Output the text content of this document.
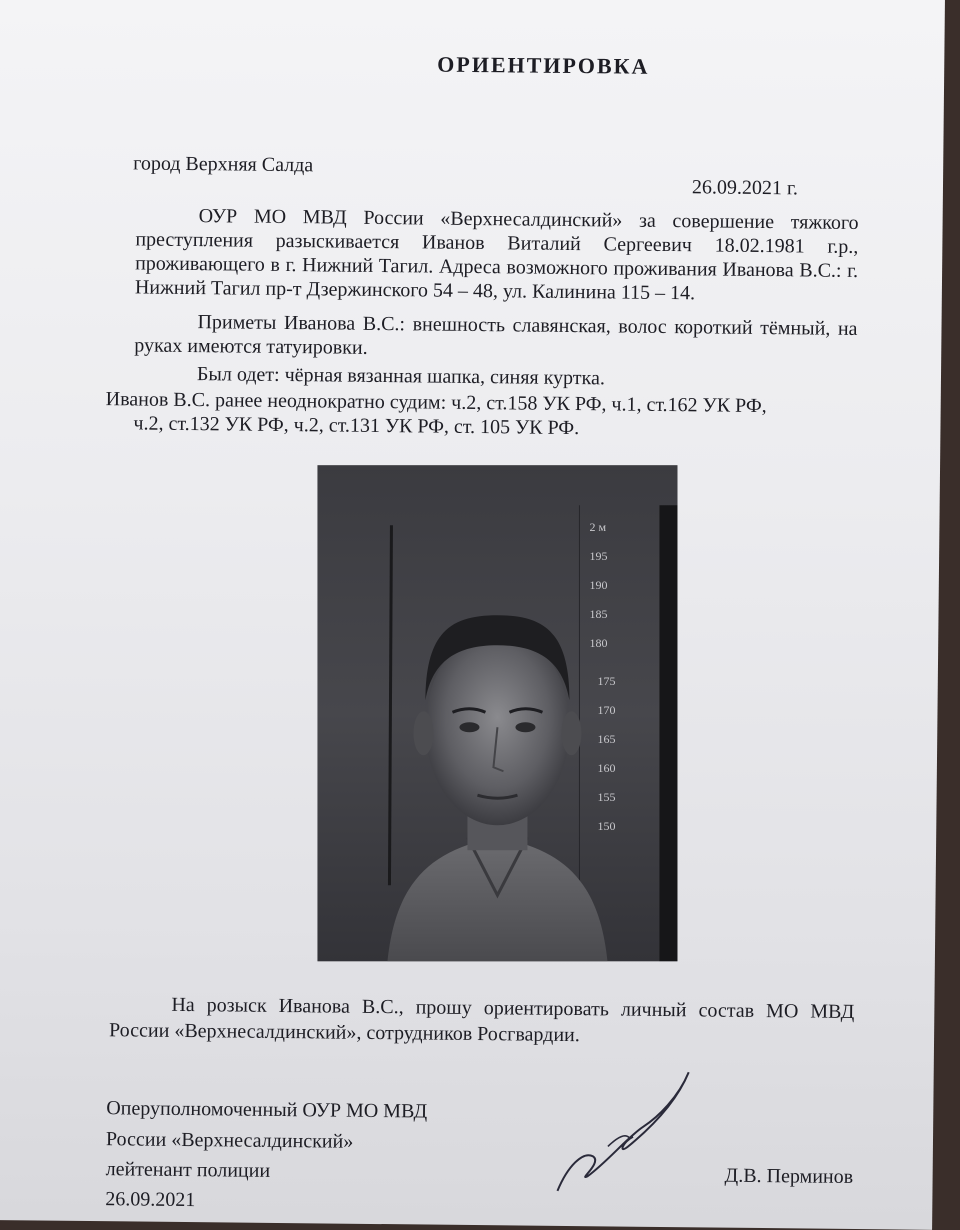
ОРИЕНТИРОВКА
город Верхняя Салда
26.09.2021 г.
ОУР МО МВД России «Верхнесалдинский» за совершение тяжкого преступления разыскивается Иванов Виталий Сергеевич 18.02.1981 г.р., проживающего в г. Нижний Тагил. Адреса возможного проживания Иванова В.С.: г. Нижний Тагил пр-т Дзержинского 54 – 48, ул. Калинина 115 – 14.
Приметы Иванова В.С.: внешность славянская, волос короткий тёмный, на руках имеются татуировки.
Был одет: чёрная вязанная шапка, синяя куртка.
Иванов В.С. ранее неоднократно судим: ч.2, ст.158 УК РФ, ч.1, ст.162 УК РФ,
ч.2, ст.132 УК РФ, ч.2, ст.131 УК РФ, ст. 105 УК РФ.
2 м
195
190
185
180
175
170
165
160
155
150
На розыск Иванова В.С., прошу ориентировать личный состав МО МВД России «Верхнесалдинский», сотрудников Росгвардии.
Оперуполномоченный ОУР МО МВД
России «Верхнесалдинский»
лейтенант полиции
26.09.2021
Д.В. Перминов
